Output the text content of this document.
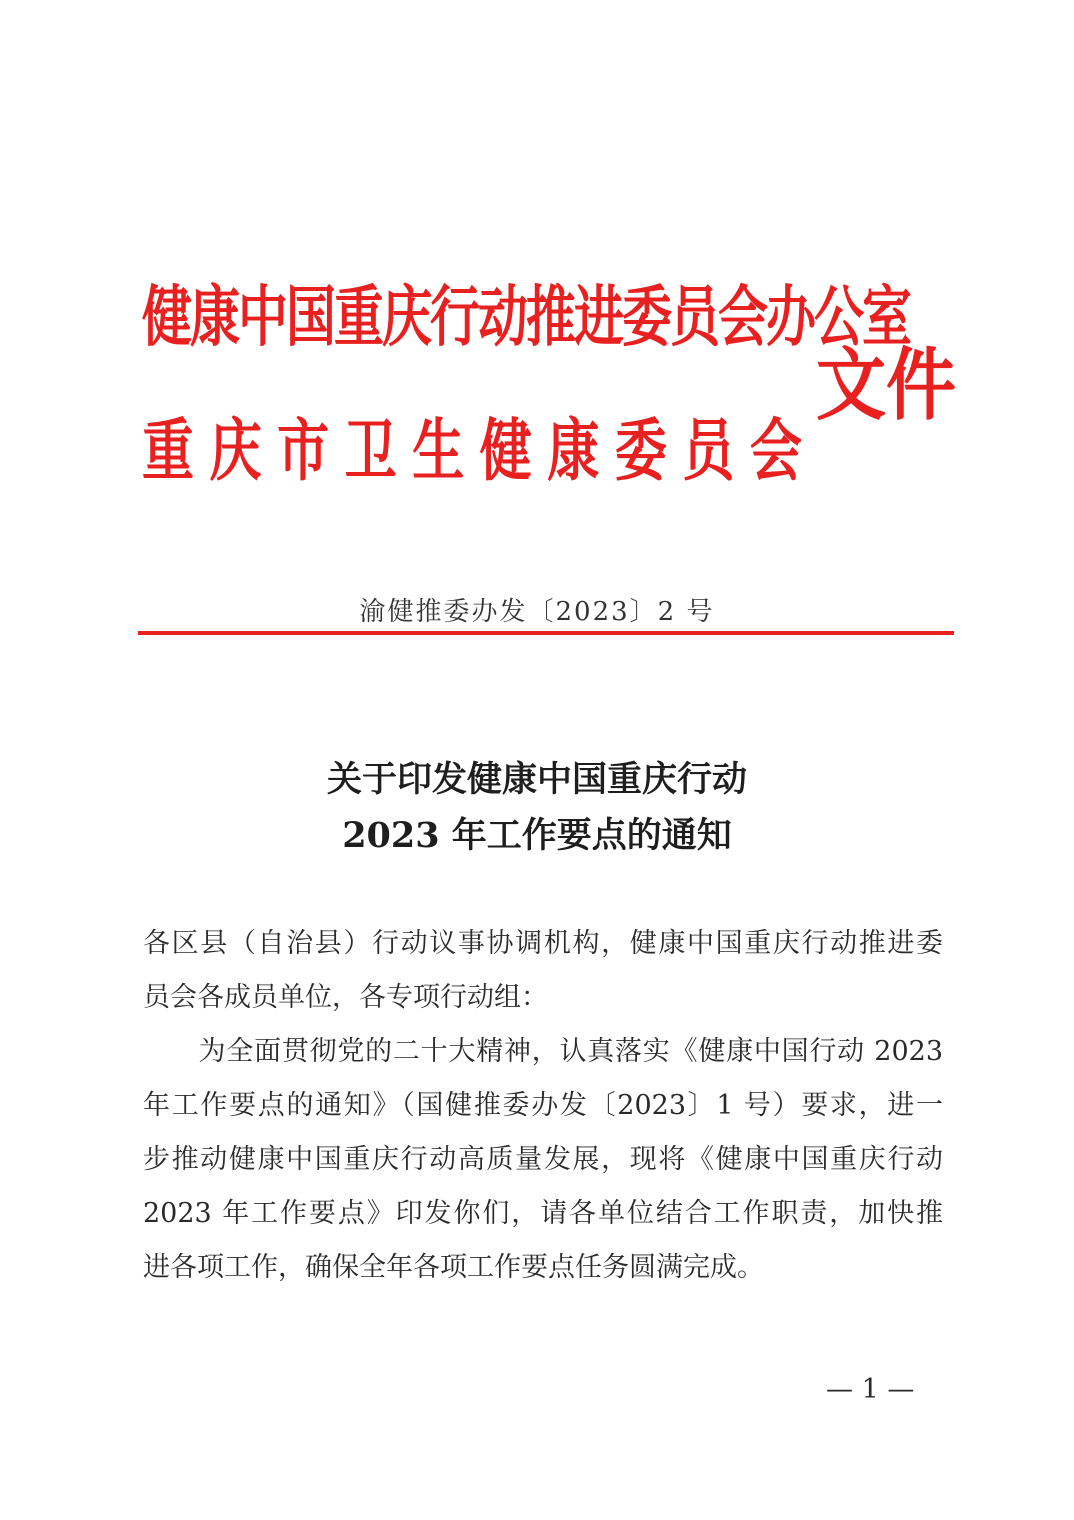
健康中国重庆行动推进委员会办公室
重 庆 市 卫 生 健 康 委 员 会
文件
渝健推委办发〔2023〕2 号
关于印发健康中国重庆行动
2023 年工作要点的通知
各区县（自治县）行动议事协调机构，健康中国重庆行动推进委
员会各成员单位，各专项行动组：
　　为全面贯彻党的二十大精神，认真落实《健康中国行动 2023
年工作要点的通知》（国健推委办发〔2023〕1 号）要求，进一
步推动健康中国重庆行动高质量发展，现将《健康中国重庆行动
2023 年工作要点》印发你们，请各单位结合工作职责，加快推
进各项工作，确保全年各项工作要点任务圆满完成。
— 1 —
